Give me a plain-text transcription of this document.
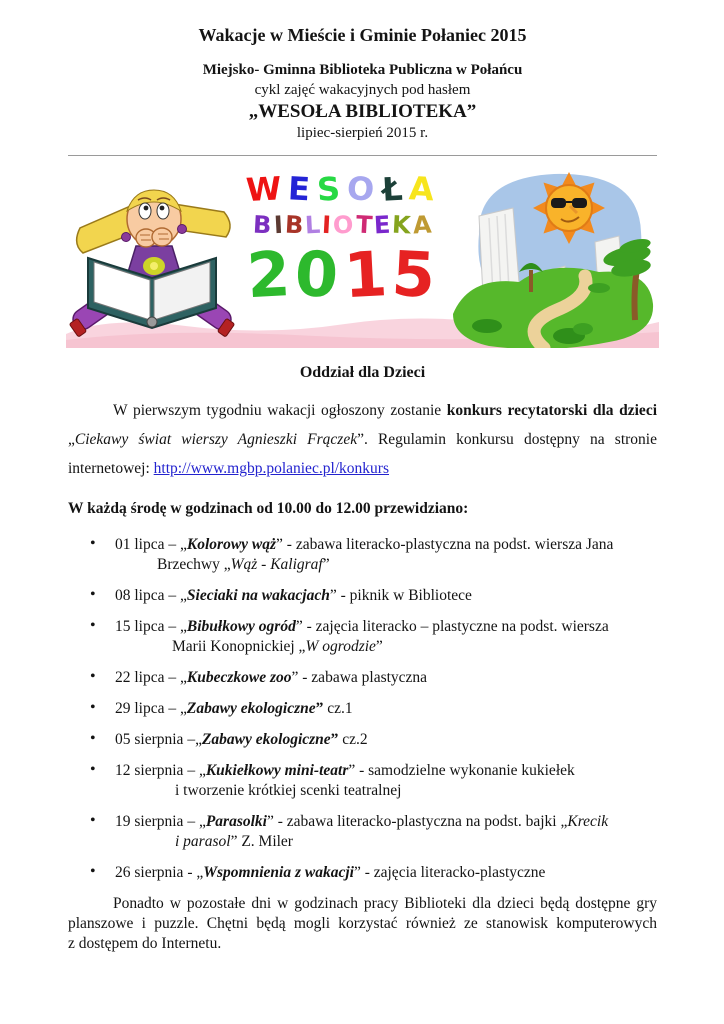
Wakacje w Mieście i Gminie Połaniec 2015
Miejsko- Gminna Biblioteka Publiczna w Połańcu
cykl zajęć wakacyjnych pod hasłem
„WESOŁA BIBLIOTEKA”
lipiec-sierpień 2015 r.
WESOŁA
BIBLIOTEKA
2015
Oddział dla Dzieci
W pierwszym tygodniu wakacji ogłoszony zostanie konkurs recytatorski dla dzieci
„Ciekawy świat wierszy Agnieszki Frączek”. Regulamin konkursu dostępny na stronie
internetowej: http://www.mgbp.polaniec.pl/konkurs
W każdą środę w godzinach od 10.00 do 12.00 przewidziano:
•
01 lipca – „Kolorowy wąż” - zabawa literacko-plastyczna na podst. wiersza Jana
Brzechwy „Wąż - Kaligraf”
•
08 lipca – „Sieciaki na wakacjach” - piknik w Bibliotece
•
15 lipca – „Bibułkowy ogród” - zajęcia literacko – plastyczne na podst. wiersza
Marii Konopnickiej „W ogrodzie”
•
22 lipca – „Kubeczkowe zoo” - zabawa plastyczna
•
29 lipca – „Zabawy ekologiczne” cz.1
•
05 sierpnia –„Zabawy ekologiczne” cz.2
•
12 sierpnia – „Kukiełkowy mini-teatr” - samodzielne wykonanie kukiełek
i tworzenie krótkiej scenki teatralnej
•
19 sierpnia – „Parasolki” - zabawa literacko-plastyczna na podst. bajki „Krecik
i parasol” Z. Miler
•
26 sierpnia - „Wspomnienia z wakacji” - zajęcia literacko-plastyczne
Ponadto w pozostałe dni w godzinach pracy Biblioteki dla dzieci będą dostępne gry
planszowe i puzzle. Chętni będą mogli korzystać również ze stanowisk komputerowych
z dostępem do Internetu.
